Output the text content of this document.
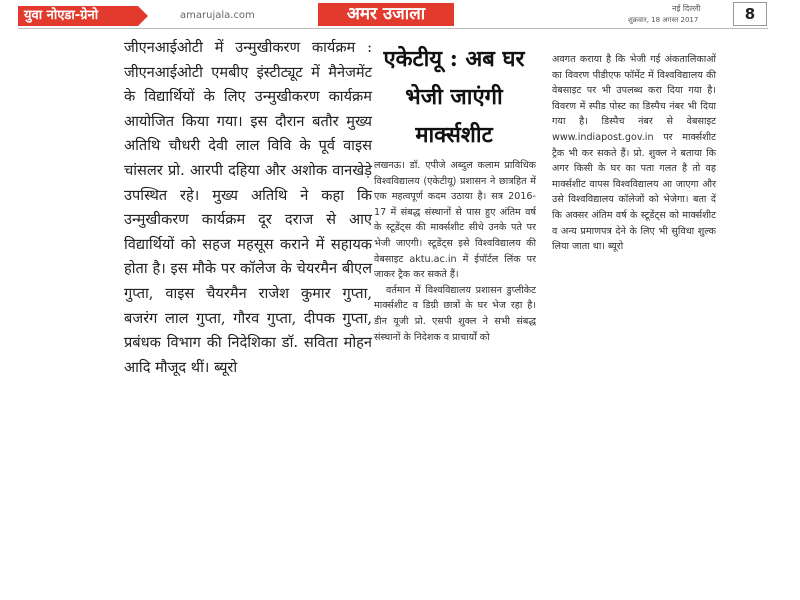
युवा नोएडा-ग्रेनो	amarujala.com	अमर उजाला	नई दिल्ली
शुक्रवार, 18 अगस्त 2017	8
जीएनआईओटी में उन्मुखीकरण कार्यक्रम : जीएनआईओटी एमबीए इंस्टीट्यूट में मैनेजमेंट के विद्यार्थियों के लिए उन्मुखीकरण कार्यक्रम आयोजित किया गया। इस दौरान बतौर मुख्य अतिथि चौधरी देवी लाल विवि के पूर्व वाइस चांसलर प्रो. आरपी दहिया और अशोक वानखेड़े उपस्थित रहे। मुख्य अतिथि ने कहा कि उन्मुखीकरण कार्यक्रम दूर दराज से आए विद्यार्थियों को सहज महसूस कराने में सहायक होता है। इस मौके पर कॉलेज के चेयरमैन बीएल गुप्ता, वाइस चैयरमैन राजेश कुमार गुप्ता, बजरंग लाल गुप्ता, गौरव गुप्ता, दीपक गुप्ता, प्रबंधक विभाग की निदेशिका डॉ. सविता मोहन आदि मौजूद थीं। ब्यूरो
एकेटीयू : अब घर भेजी जाएंगी मार्क्सशीट

लखनऊ। डॉ. एपीजे अब्दुल कलाम प्राविधिक विश्वविद्यालय (एकेटीयू) प्रशासन ने छात्रहित में एक महत्वपूर्ण कदम उठाया है। सत्र 2016-17 में संबद्ध संस्थानों से पास हुए अंतिम वर्ष के स्टूडेंट्स की मार्क्सशीट सीधे उनके पते पर भेजी जाएगी। स्टूडेंट्स इसे विश्वविद्यालय की वेबसाइट aktu.ac.in में ईपॉर्टल लिंक पर जाकर ट्रैक कर सकते हैं।

वर्तमान में विश्वविद्यालय प्रशासन डुप्लीकेट मार्क्सशीट व डिग्री छात्रों के घर भेज रहा है। डीन यूजी प्रो. एसपी शुक्ल ने सभी संबद्ध संस्थानों के निदेशक व प्राचार्यों को

अवगत कराया है कि भेजी गई अंकतालिकाओं का विवरण पीडीएफ फॉर्मेट में विश्वविद्यालय की वेबसाइट पर भी उपलब्ध करा दिया गया है। विवरण में स्पीड पोस्ट का डिस्पैच नंबर भी दिया गया है। डिस्पैच नंबर से वेबसाइट www.indiapost.gov.in पर मार्क्सशीट ट्रैक भी कर सकते हैं। प्रो. शुक्ल ने बताया कि अगर किसी के घर का पता गलत है तो वह मार्क्सशीट वापस विश्वविद्यालय आ जाएगा और उसे विश्वविद्यालय कॉलेजों को भेजेगा। बता दें कि अक्सर अंतिम वर्ष के स्टूडेंट्स को मार्क्सशीट व अन्य प्रमाणपत्र देने के लिए भी सुविधा शुल्क लिया जाता था। ब्यूरो
